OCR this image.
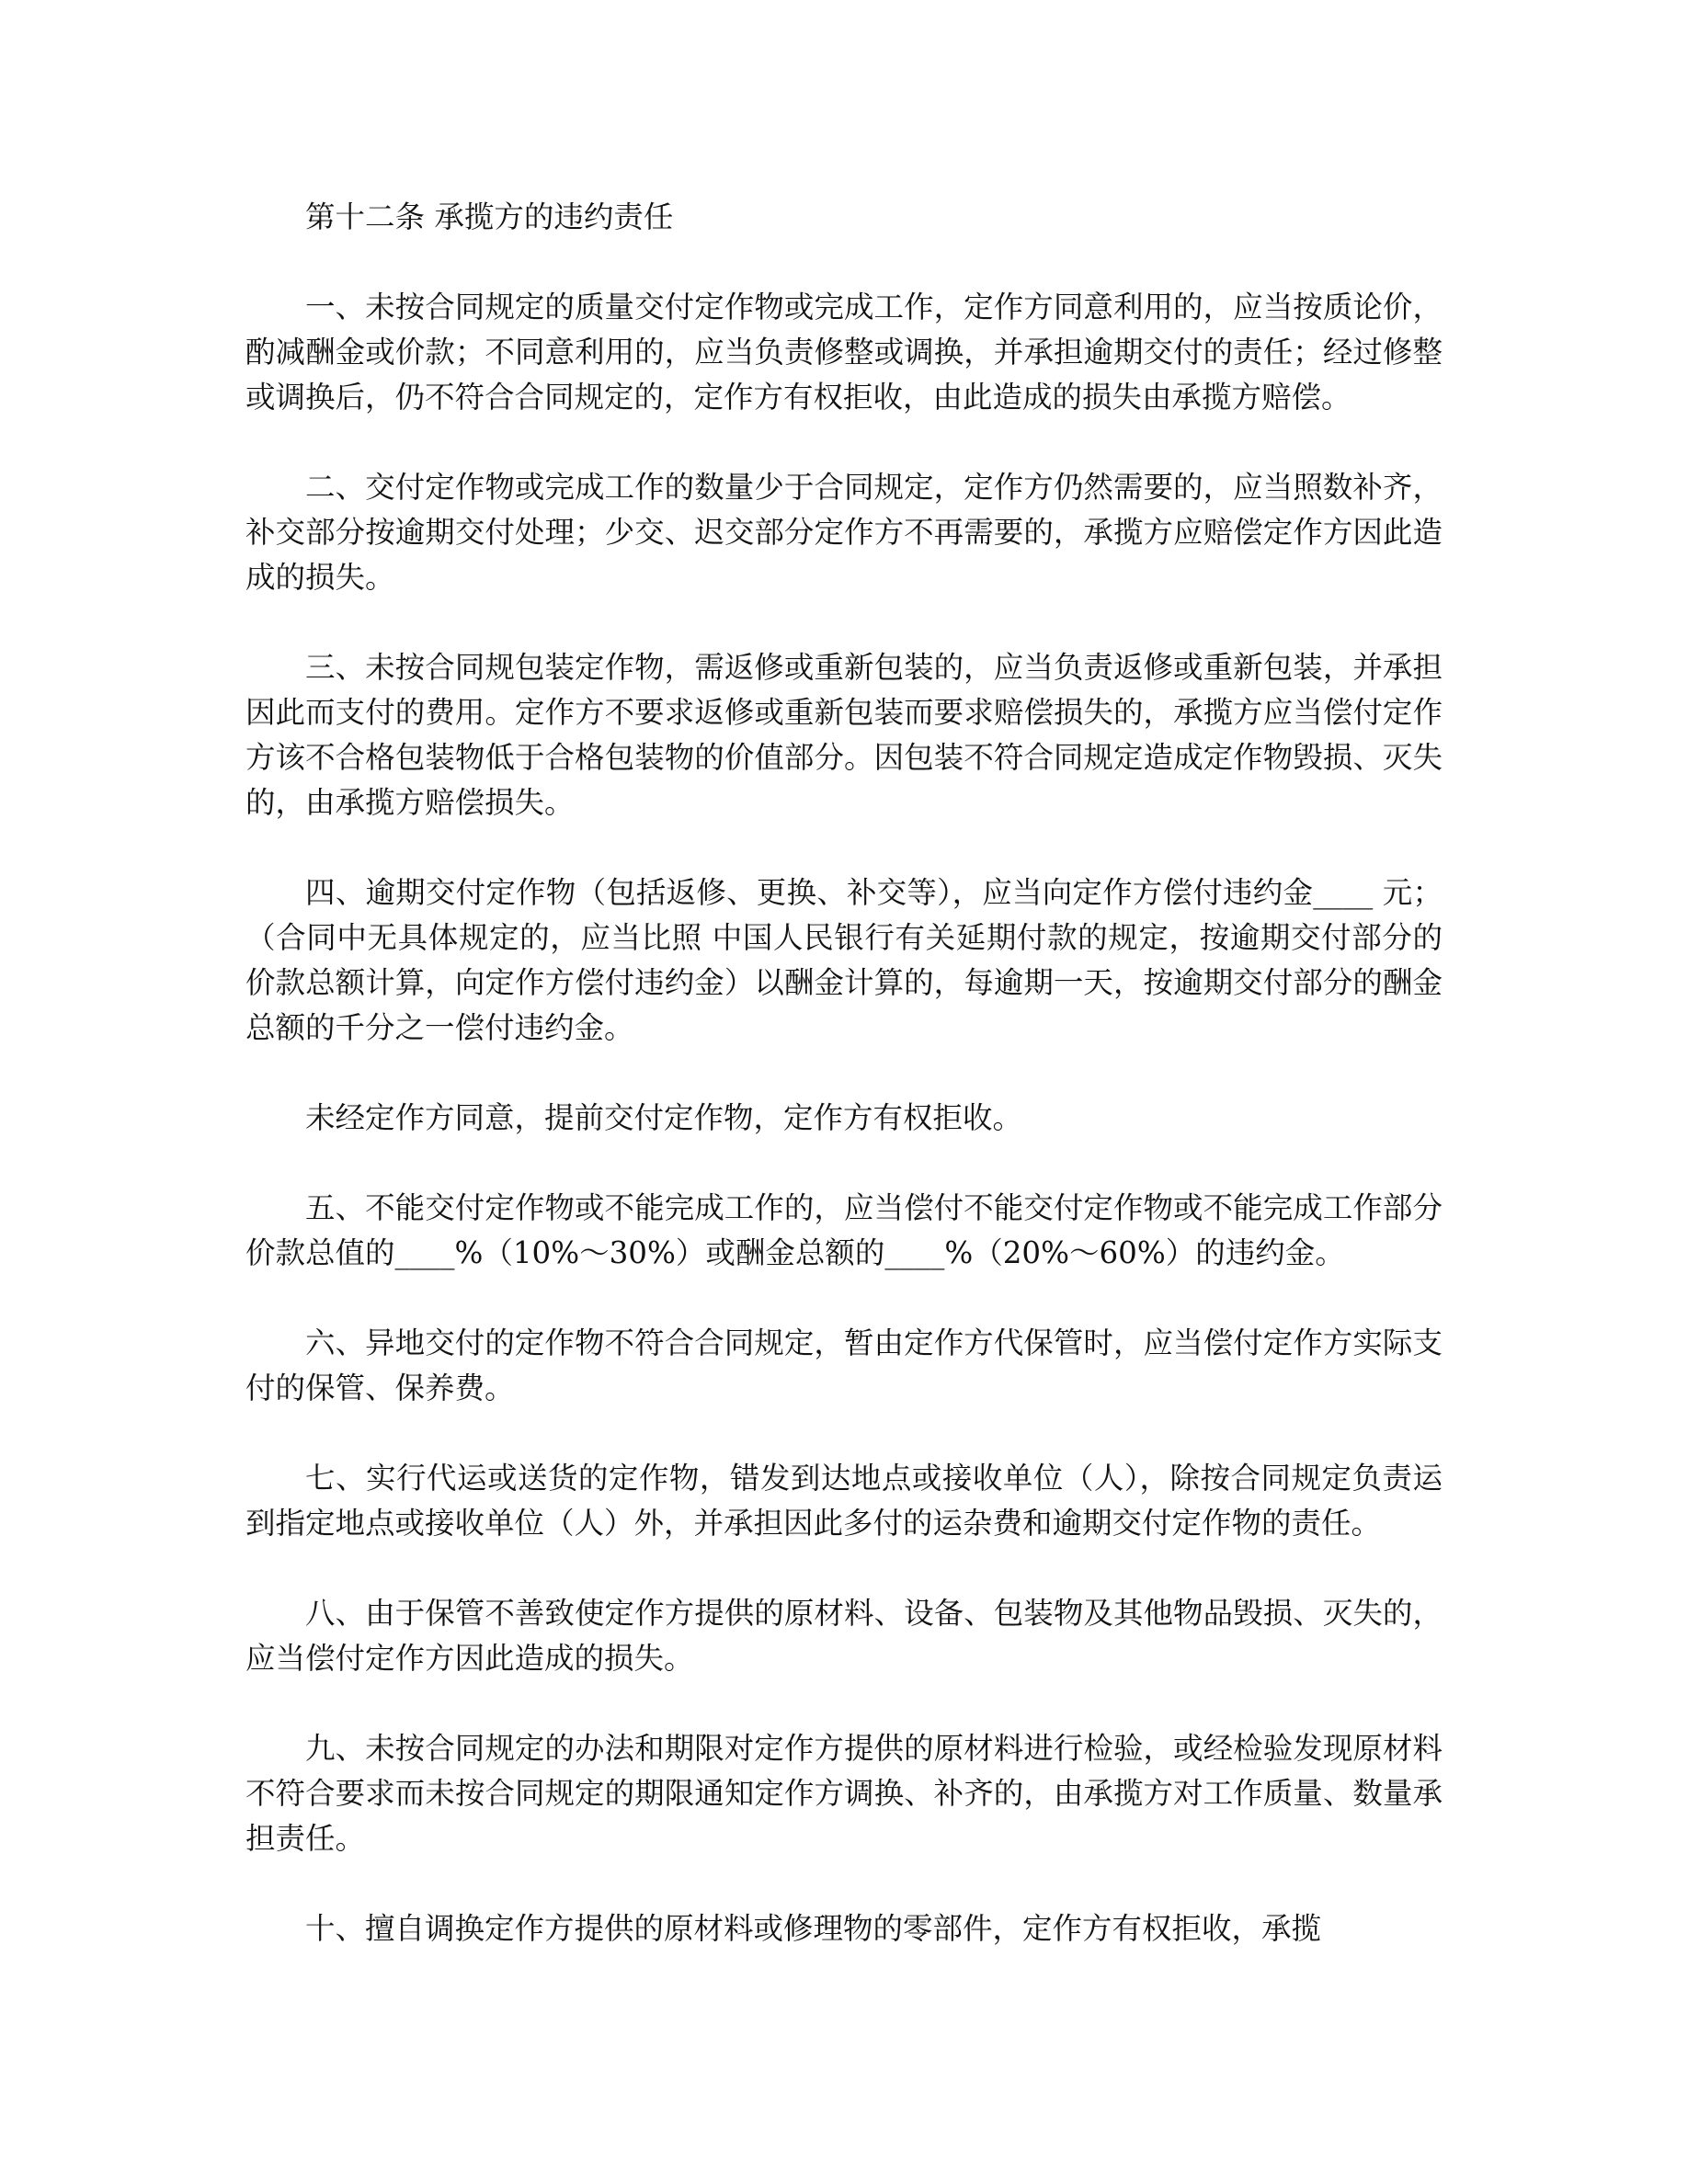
第十二条 承揽方的违约责任

一、未按合同规定的质量交付定作物或完成工作，定作方同意利用的，应当按质论价，酌减酬金或价款；不同意利用的，应当负责修整或调换，并承担逾期交付的责任；经过修整或调换后，仍不符合合同规定的，定作方有权拒收，由此造成的损失由承揽方赔偿。

二、交付定作物或完成工作的数量少于合同规定，定作方仍然需要的，应当照数补齐，补交部分按逾期交付处理；少交、迟交部分定作方不再需要的，承揽方应赔偿定作方因此造成的损失。

三、未按合同规包装定作物，需返修或重新包装的，应当负责返修或重新包装，并承担因此而支付的费用。定作方不要求返修或重新包装而要求赔偿损失的，承揽方应当偿付定作方该不合格包装物低于合格包装物的价值部分。因包装不符合同规定造成定作物毁损、灭失的，由承揽方赔偿损失。

四、逾期交付定作物（包括返修、更换、补交等），应当向定作方偿付违约金____ 元；（合同中无具体规定的，应当比照 中国人民银行有关延期付款的规定，按逾期交付部分的价款总额计算，向定作方偿付违约金）以酬金计算的，每逾期一天，按逾期交付部分的酬金总额的千分之一偿付违约金。

未经定作方同意，提前交付定作物，定作方有权拒收。

五、不能交付定作物或不能完成工作的，应当偿付不能交付定作物或不能完成工作部分价款总值的____%（10%～30%）或酬金总额的____%（20%～60%）的违约金。

六、异地交付的定作物不符合合同规定，暂由定作方代保管时，应当偿付定作方实际支付的保管、保养费。

七、实行代运或送货的定作物，错发到达地点或接收单位（人），除按合同规定负责运到指定地点或接收单位（人）外，并承担因此多付的运杂费和逾期交付定作物的责任。

八、由于保管不善致使定作方提供的原材料、设备、包装物及其他物品毁损、灭失的，应当偿付定作方因此造成的损失。

九、未按合同规定的办法和期限对定作方提供的原材料进行检验，或经检验发现原材料不符合要求而未按合同规定的期限通知定作方调换、补齐的，由承揽方对工作质量、数量承担责任。

十、擅自调换定作方提供的原材料或修理物的零部件，定作方有权拒收，承揽
